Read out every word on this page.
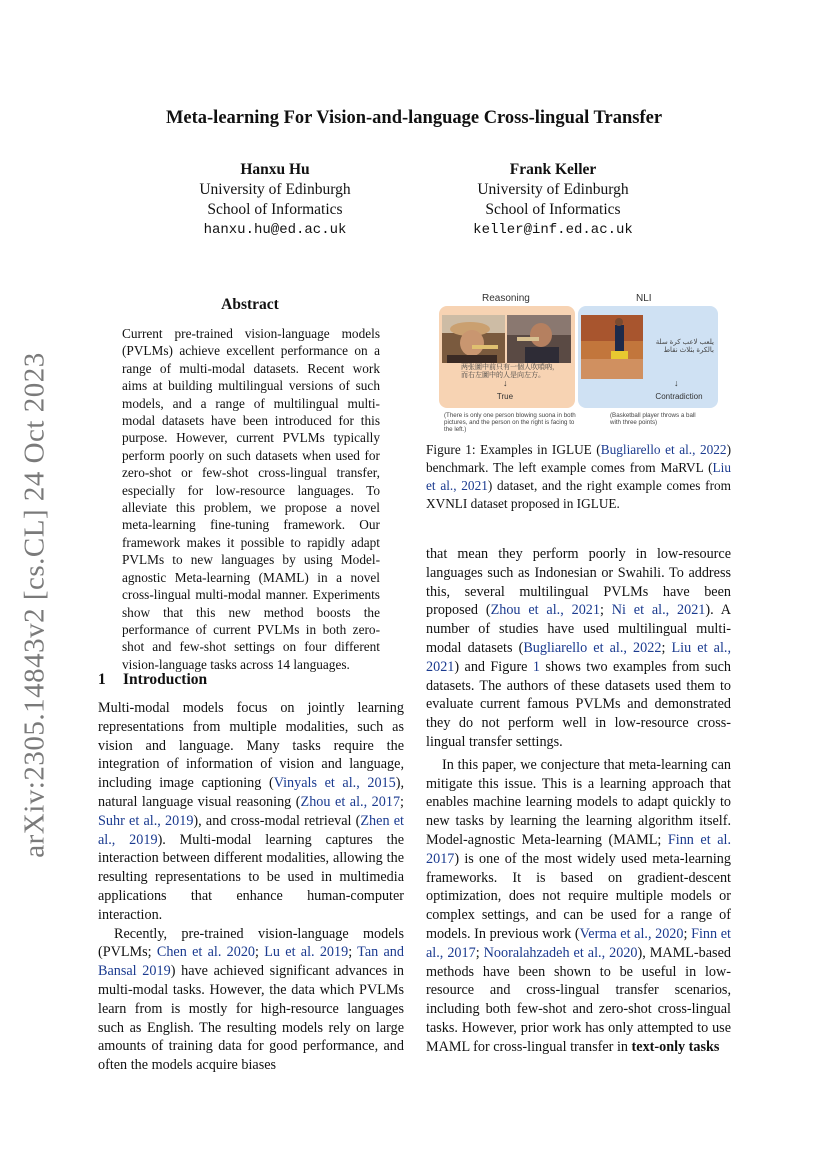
arXiv:2305.14843v2 [cs.CL] 24 Oct 2023
Meta-learning For Vision-and-language Cross-lingual Transfer
Hanxu Hu
University of Edinburgh
School of Informatics
hanxu.hu@ed.ac.uk
Frank Keller
University of Edinburgh
School of Informatics
keller@inf.ed.ac.uk
Abstract

Current pre-trained vision-language models (PVLMs) achieve excellent performance on a range of multi-modal datasets. Recent work aims at building multilingual versions of such models, and a range of multilingual multi-modal datasets have been introduced for this purpose. However, current PVLMs typically perform poorly on such datasets when used for zero-shot or few-shot cross-lingual transfer, especially for low-resource languages. To alleviate this problem, we propose a novel meta-learning fine-tuning framework. Our framework makes it possible to rapidly adapt PVLMs to new languages by using Model-agnostic Meta-learning (MAML) in a novel cross-lingual multi-modal manner. Experiments show that this new method boosts the performance of current PVLMs in both zero-shot and few-shot settings on four different vision-language tasks across 14 languages.

1 Introduction

Multi-modal models focus on jointly learning representations from multiple modalities, such as vision and language. Many tasks require the integration of information of vision and language, including image captioning (Vinyals et al., 2015), natural language visual reasoning (Zhou et al., 2017; Suhr et al., 2019), and cross-modal retrieval (Zhen et al., 2019). Multi-modal learning captures the interaction between different modalities, allowing the resulting representations to be used in multimedia applications that enhance human-computer interaction.

Recently, pre-trained vision-language models (PVLMs; Chen et al. 2020; Lu et al. 2019; Tan and Bansal 2019) have achieved significant advances in multi-modal tasks. However, the data which PVLMs learn from is mostly for high-resource languages such as English. The resulting models rely on large amounts of training data for good performance, and often the models acquire biases

Reasoning	NLI
两张圖中前只有一個人吹嗩吶，而右左圖中的人是向左方。
↓
True
يلعب لاعب كرة سلة بالكرة بثلاث نقاط
↓
Contradiction
(There is only one person blowing suona in both pictures, and the person on the right is facing to the left.)
(Basketball player throws a ball with three points)

Figure 1: Examples in IGLUE (Bugliarello et al., 2022) benchmark. The left example comes from MaRVL (Liu et al., 2021) dataset, and the right example comes from XVNLI dataset proposed in IGLUE.

that mean they perform poorly in low-resource languages such as Indonesian or Swahili. To address this, several multilingual PVLMs have been proposed (Zhou et al., 2021; Ni et al., 2021). A number of studies have used multilingual multi-modal datasets (Bugliarello et al., 2022; Liu et al., 2021) and Figure 1 shows two examples from such datasets. The authors of these datasets used them to evaluate current famous PVLMs and demonstrated they do not perform well in low-resource cross-lingual transfer settings.

In this paper, we conjecture that meta-learning can mitigate this issue. This is a learning approach that enables machine learning models to adapt quickly to new tasks by learning the learning algorithm itself. Model-agnostic Meta-learning (MAML; Finn et al. 2017) is one of the most widely used meta-learning frameworks. It is based on gradient-descent optimization, does not require multiple models or complex settings, and can be used for a range of models. In previous work (Verma et al., 2020; Finn et al., 2017; Nooralahzadeh et al., 2020), MAML-based methods have been shown to be useful in low-resource and cross-lingual transfer scenarios, including both few-shot and zero-shot cross-lingual tasks. However, prior work has only attempted to use MAML for cross-lingual transfer in text-only tasks
